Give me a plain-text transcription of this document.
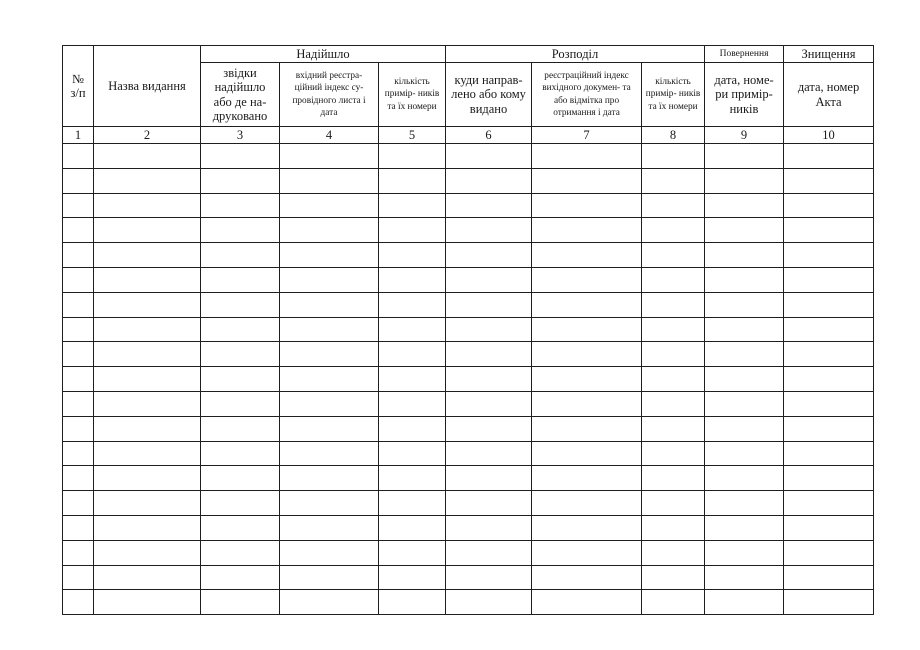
№
з/п	Назва видання	Надійшло			Розподіл			Повернення	Знищення
		звідки надійшло або де на- друковано	вхідний реєстра- ційний індекс су- провідного листа і дата	кількість примір- ників та їх номери	куди направ- лено або кому видано	реєстраційний індекс вихідного докумен- та або відмітка про отримання і дата	кількість примір- ників та їх номери	дата, номе- ри примір- ників	дата, номер Акта
1	2	3	4	5	6	7	8	9	10
